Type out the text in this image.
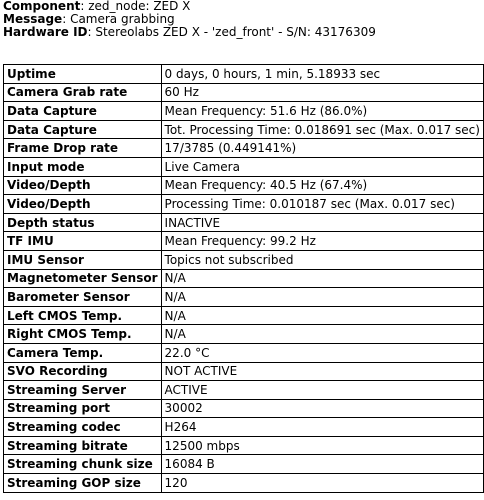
Component: zed_node: ZED X
Message: Camera grabbing
Hardware ID: Stereolabs ZED X - 'zed_front' - S/N: 43176309
Uptime	0 days, 0 hours, 1 min, 5.18933 sec
Camera Grab rate	60 Hz
Data Capture	Mean Frequency: 51.6 Hz (86.0%)
Data Capture	Tot. Processing Time: 0.018691 sec (Max. 0.017 sec)
Frame Drop rate	17/3785 (0.449141%)
Input mode	Live Camera
Video/Depth	Mean Frequency: 40.5 Hz (67.4%)
Video/Depth	Processing Time: 0.010187 sec (Max. 0.017 sec)
Depth status	INACTIVE
TF IMU	Mean Frequency: 99.2 Hz
IMU Sensor	Topics not subscribed
Magnetometer Sensor	N/A
Barometer Sensor	N/A
Left CMOS Temp.	N/A
Right CMOS Temp.	N/A
Camera Temp.	22.0 °C
SVO Recording	NOT ACTIVE
Streaming Server	ACTIVE
Streaming port	30002
Streaming codec	H264
Streaming bitrate	12500 mbps
Streaming chunk size	16084 B
Streaming GOP size	120
